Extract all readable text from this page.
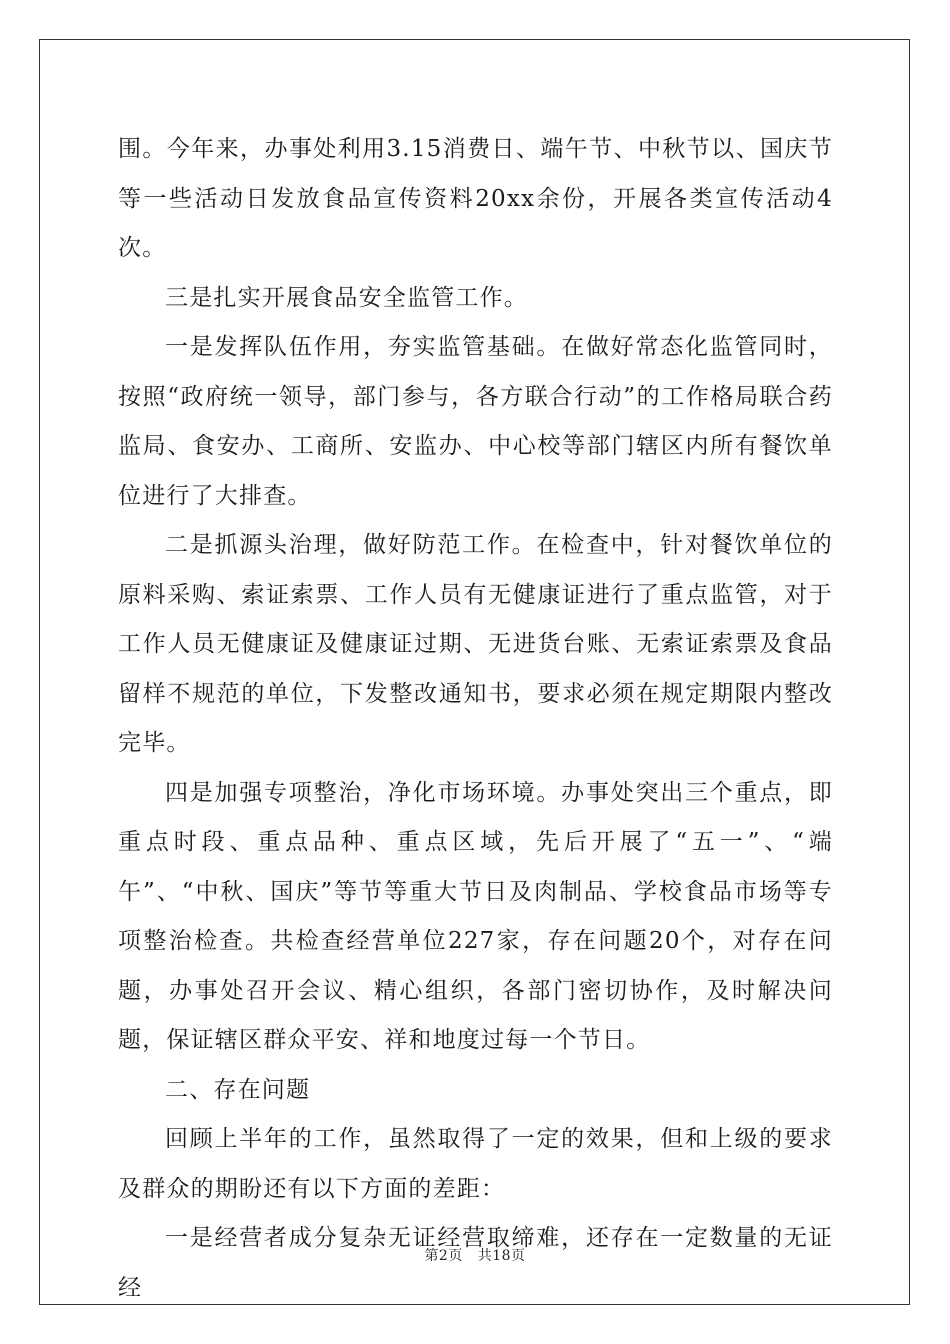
围。今年来，办事处利用3.15消费日、端午节、中秋节以、国庆节等一些活动日发放食品宣传资料20xx余份，开展各类宣传活动4次。

三是扎实开展食品安全监管工作。

一是发挥队伍作用，夯实监管基础。在做好常态化监管同时，按照“政府统一领导，部门参与，各方联合行动”的工作格局联合药监局、食安办、工商所、安监办、中心校等部门辖区内所有餐饮单位进行了大排查。

二是抓源头治理，做好防范工作。在检查中，针对餐饮单位的原料采购、索证索票、工作人员有无健康证进行了重点监管，对于工作人员无健康证及健康证过期、无进货台账、无索证索票及食品留样不规范的单位，下发整改通知书，要求必须在规定期限内整改完毕。

四是加强专项整治，净化市场环境。办事处突出三个重点，即重点时段、重点品种、重点区域，先后开展了“五一”、“端午”、“中秋、国庆”等节等重大节日及肉制品、学校食品市场等专项整治检查。共检查经营单位227家，存在问题20个，对存在问题，办事处召开会议、精心组织，各部门密切协作，及时解决问题，保证辖区群众平安、祥和地度过每一个节日。

二、存在问题

回顾上半年的工作，虽然取得了一定的效果，但和上级的要求及群众的期盼还有以下方面的差距：

一是经营者成分复杂无证经营取缔难，还存在一定数量的无证经

第2页 共18页
